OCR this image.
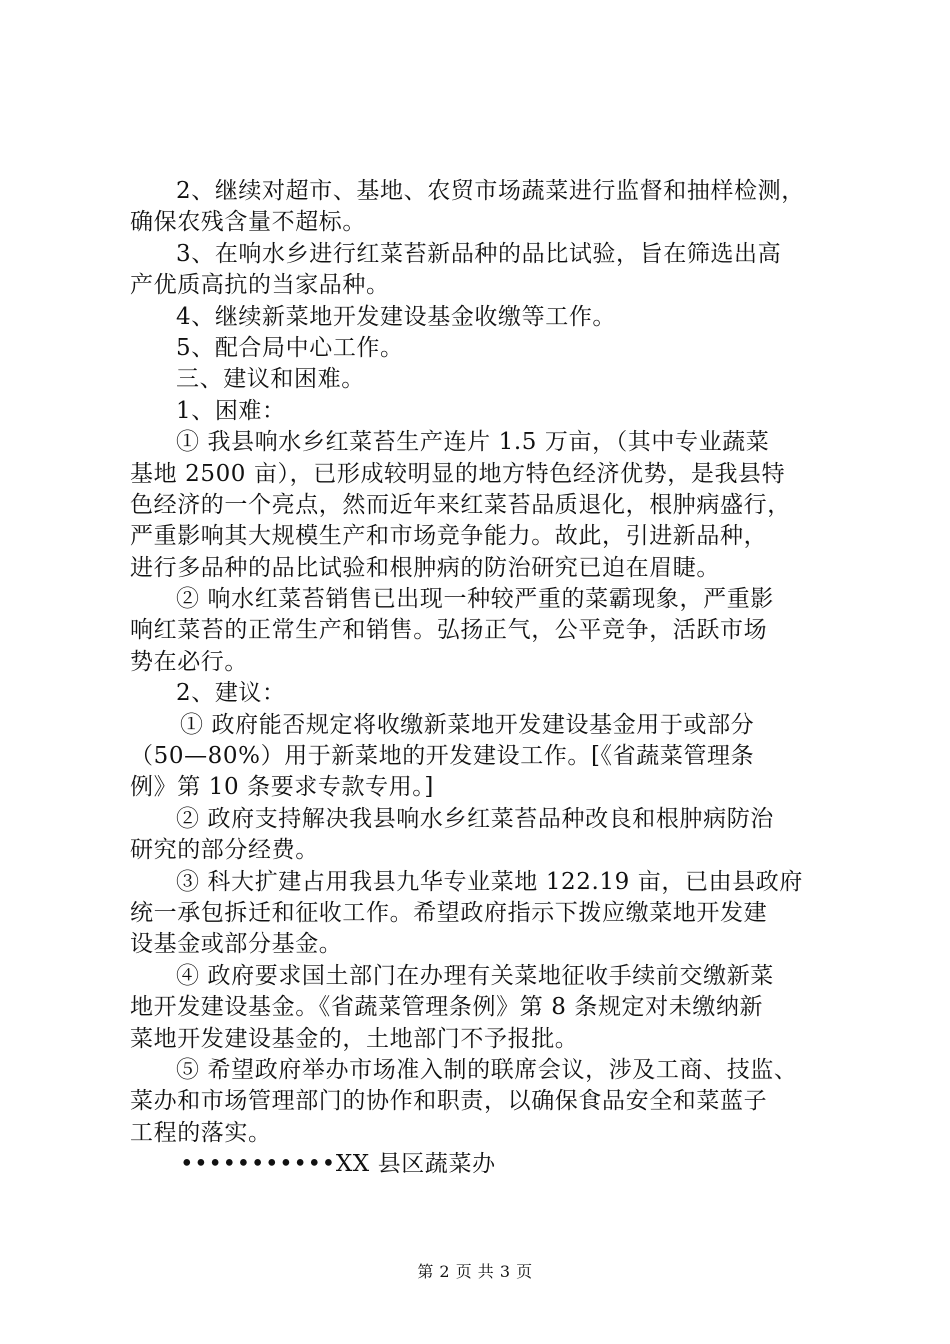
2、继续对超市、基地、农贸市场蔬菜进行监督和抽样检测，
确保农残含量不超标。
3、在响水乡进行红菜苔新品种的品比试验，旨在筛选出高
产优质高抗的当家品种。
4、继续新菜地开发建设基金收缴等工作。
5、配合局中心工作。
三、建议和困难。
1、困难：
① 我县响水乡红菜苔生产连片 1.5 万亩，（其中专业蔬菜
基地 2500 亩），已形成较明显的地方特色经济优势，是我县特
色经济的一个亮点，然而近年来红菜苔品质退化，根肿病盛行，
严重影响其大规模生产和市场竞争能力。故此，引进新品种，
进行多品种的品比试验和根肿病的防治研究已迫在眉睫。
② 响水红菜苔销售已出现一种较严重的菜霸现象，严重影
响红菜苔的正常生产和销售。弘扬正气，公平竞争，活跃市场
势在必行。
2、建议：
① 政府能否规定将收缴新菜地开发建设基金用于或部分
（50—80%）用于新菜地的开发建设工作。[《省蔬菜管理条
例》第 10 条要求专款专用。]
② 政府支持解决我县响水乡红菜苔品种改良和根肿病防治
研究的部分经费。
③ 科大扩建占用我县九华专业菜地 122.19 亩，已由县政府
统一承包拆迁和征收工作。希望政府指示下拨应缴菜地开发建
设基金或部分基金。
④ 政府要求国土部门在办理有关菜地征收手续前交缴新菜
地开发建设基金。《省蔬菜管理条例》第 8 条规定对未缴纳新
菜地开发建设基金的，土地部门不予报批。
⑤ 希望政府举办市场准入制的联席会议，涉及工商、技监、
菜办和市场管理部门的协作和职责，以确保食品安全和菜蓝子
工程的落实。
•••••••••••XX 县区蔬菜办
第 2 页 共 3 页
